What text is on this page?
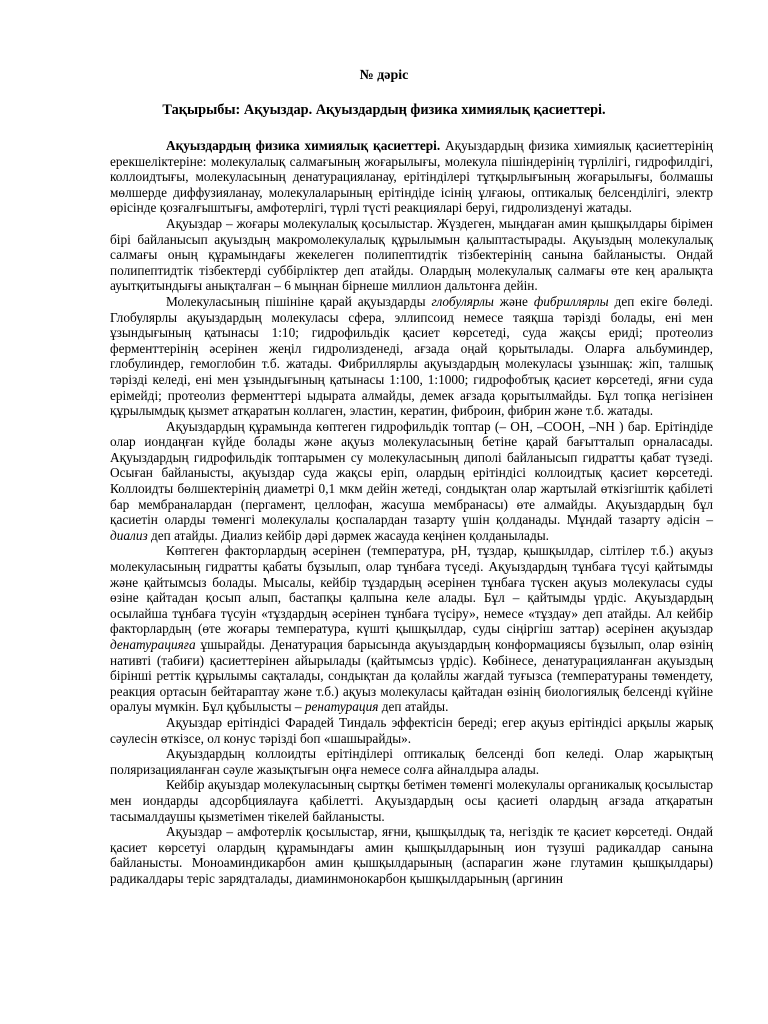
№ дәріс
Тақырыбы: Ақуыздар. Ақуыздардың физика химиялық қасиеттері.

Ақуыздардың физика химиялық қасиеттері. Ақуыздардың физика химиялық қасиеттерінің ерекшеліктеріне: молекулалық салмағының жоғарылығы, молекула пішіндерінің түрлілігі, гидрофилдігі, коллоидтығы, молекулаcының денатурацияланау, ерітінділері тұтқырлығының жоғарылығы, болмашы мөлшерде диффузияланау, молекулаларының ерітіндіде ісінің ұлғаюы, оптикалық белсенділігі, электр өрісінде қозғалғыштығы, амфотерлігі, түрлі түсті реакцияларі беруі, гидролизденуі жатады.

Ақуыздар – жоғары молекулалық қосылыстар. Жүздеген, мыңдаған амин қышқылдары бірімен бірі байланысып ақуыздың макромолекулалық құрылымын қалыптастырады. Ақуыздың молекулалық салмағы оның құрамындағы жекелеген полипептидтік тізбектерінің санына байланысты. Ондай полипептидтік тізбектерді суббірліктер деп атайды. Олардың молекулалық салмағы өте кең аралықта ауытқитындығы анықталған – 6 мыңнан бірнеше миллион дальтонға дейін.

Молекуласының пішініне қарай ақуыздарды глобулярлы және фибриллярлы деп екіге бөледі. Глобулярлы ақуыздардың молекуласы сфера, эллипсоид немесе таяқша тәрізді болады, ені мен ұзындығының қатынасы 1:10; гидрофильдік қасиет көрсетеді, суда жақсы ериді; протеолиз ферменттерінің әсерінен жеңіл гидролизденеді, ағзада оңай қорытылады. Оларға альбуминдер, глобулиндер, гемоглобин т.б. жатады. Фибриллярлы ақуыздардың молекуласы ұзыншақ: жіп, талшық тәрізді келеді, ені мен ұзындығының қатынасы 1:100, 1:1000; гидрофобтық қасиет көрсетеді, яғни суда ерімейді; протеолиз ферменттері ыдырата алмайды, демек ағзада қорытылмайды. Бұл топқа негізінен құрылымдық қызмет атқаратын коллаген, эластин, кератин, фиброин, фибрин және т.б. жатады.

Ақуыздардың құрамында көптеген гидрофильдік топтар (– OH, –COOH, –NH ) бар. Ерітіндіде олар иондаңған күйде болады және ақуыз молекуласының бетіне қарай бағытталып орналасады. Ақуыздардың гидрофильдік топтарымен су молекуласының диполі байланысып гидратты қабат түзеді. Осыған байланысты, ақуыздар суда жақсы еріп, олардың ерітіндісі коллоидтық қасиет көрсетеді. Коллоидты бөлшектерінің диаметрі 0,1 мкм дейін жетеді, сондықтан олар жартылай өткізгіштік қабілеті бар мембраналардан (пергамент, целлофан, жасуша мембранасы) өте алмайды. Ақуыздардың бұл қасиетін оларды төменгі молекулалы қоспалардан тазарту үшін қолданады. Мұндай тазарту әдісін – диализ деп атайды. Диализ кейбір дәрі дәрмек жасауда кеңінен қолданылады.

Көптеген факторлардың әсерінен (температура, pH, тұздар, қышқылдар, сілтілер т.б.) ақуыз молекуласының гидратты қабаты бұзылып, олар тұнбаға түседі. Ақуыздардың тұнбаға түсуі қайтымды және қайтымсыз болады. Мысалы, кейбір тұздардың әсерінен тұнбаға түскен ақуыз молекуласы суды өзіне қайтадан қосып алып, бастапқы қалпына келе алады. Бұл – қайтымды үрдіс. Ақуыздардың осылайша тұнбаға түсуін «тұздардың әсерінен тұнбаға түсіру», немесе «тұздау» деп атайды. Ал кейбір факторлардың (өте жоғары температура, күшті қышқылдар, суды сіңіргіш заттар) әсерінен ақуыздар денатурацияға ұшырайды. Денатурация барысында ақуыздардың конформациясы бұзылып, олар өзінің нативті (табиғи) қасиеттерінен айырылады (қайтымсыз үрдіс). Көбінесе, денатурацияланған ақуыздың бірінші реттік құрылымы сақталады, сондықтан да қолайлы жағдай туғызса (температураны төмендету, реакция ортасын бейтараптау және т.б.) ақуыз молекуласы қайтадан өзінің биологиялық белсенді күйіне оралуы мүмкін. Бұл құбылысты – ренатурация деп атайды.

Ақуыздар ерітіндісі Фарадей Тиндаль эффектісін береді; егер ақуыз ерітіндісі арқылы жарық сәулесін өткізсе, ол конус тәрізді боп «шашырайды».

Ақуыздардың коллоидты ерітінділері оптикалық белсенді боп келеді. Олар жарықтың поляризацияланған сәуле жазықтығын оңға немесе солға айналдыра алады.

Кейбір ақуыздар молекуласының сыртқы бетімен төменгі молекулалы органикалық қосылыстар мен иондарды адсорбциялауға қабілетті. Ақуыздардың осы қасиеті олардың ағзада атқаратын тасымалдаушы қызметімен тікелей байланысты.

Ақуыздар – амфотерлік қосылыстар, яғни, қышқылдық та, негіздік те қасиет көрсетеді. Ондай қасиет көрсетуі олардың құрамындағы амин қышқылдарының ион түзуші радикалдар санына байланысты. Моноаминдикарбон амин қышқылдарының (аспарагин және глутамин қышқылдары) радикалдары теріс зарядталады, диаминмонокарбон қышқылдарының (аргинин
